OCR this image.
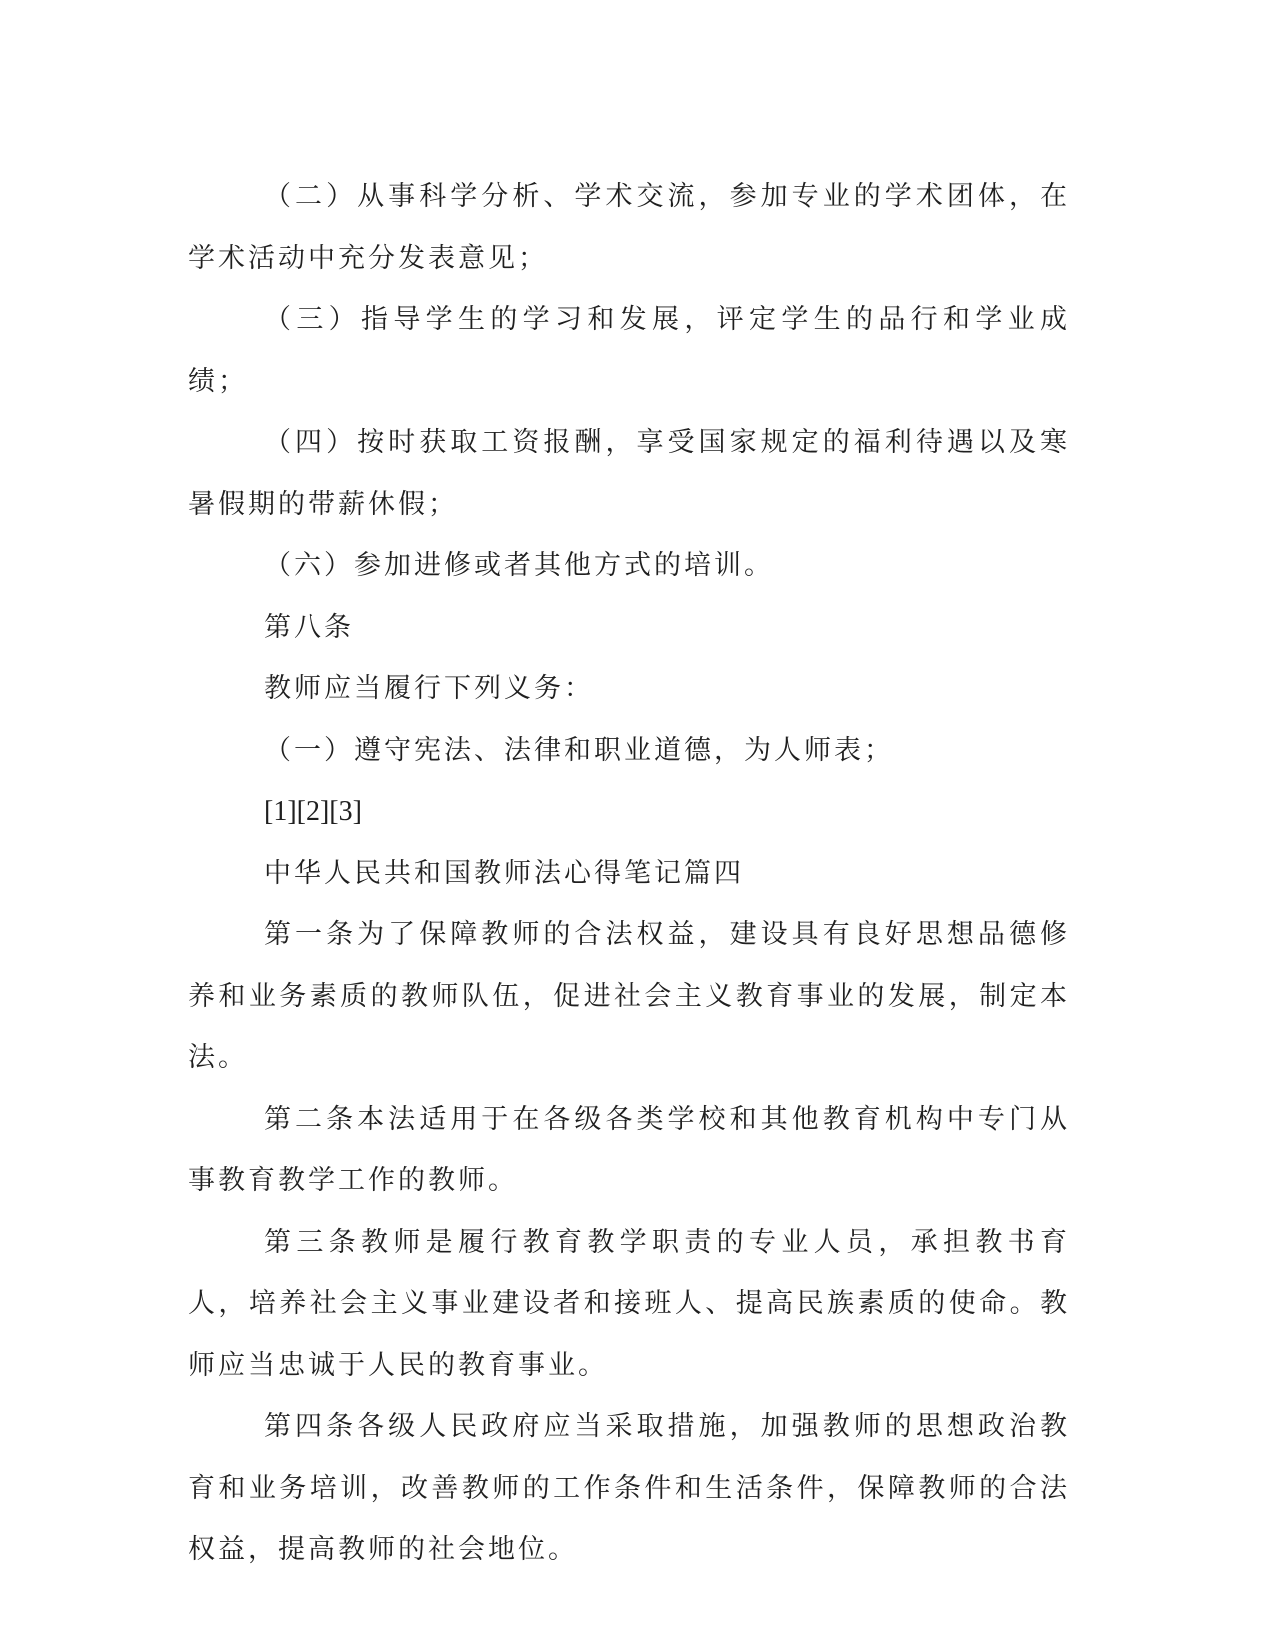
（二）从事科学分析、学术交流，参加专业的学术团体，在学术活动中充分发表意见；

（三）指导学生的学习和发展，评定学生的品行和学业成绩；

（四）按时获取工资报酬，享受国家规定的福利待遇以及寒暑假期的带薪休假；

（六）参加进修或者其他方式的培训。

第八条

教师应当履行下列义务：

（一）遵守宪法、法律和职业道德，为人师表；

[1][2][3]

中华人民共和国教师法心得笔记篇四

第一条为了保障教师的合法权益，建设具有良好思想品德修养和业务素质的教师队伍，促进社会主义教育事业的发展，制定本法。

第二条本法适用于在各级各类学校和其他教育机构中专门从事教育教学工作的教师。

第三条教师是履行教育教学职责的专业人员，承担教书育人，培养社会主义事业建设者和接班人、提高民族素质的使命。教师应当忠诚于人民的教育事业。

第四条各级人民政府应当采取措施，加强教师的思想政治教育和业务培训，改善教师的工作条件和生活条件，保障教师的合法权益，提高教师的社会地位。
